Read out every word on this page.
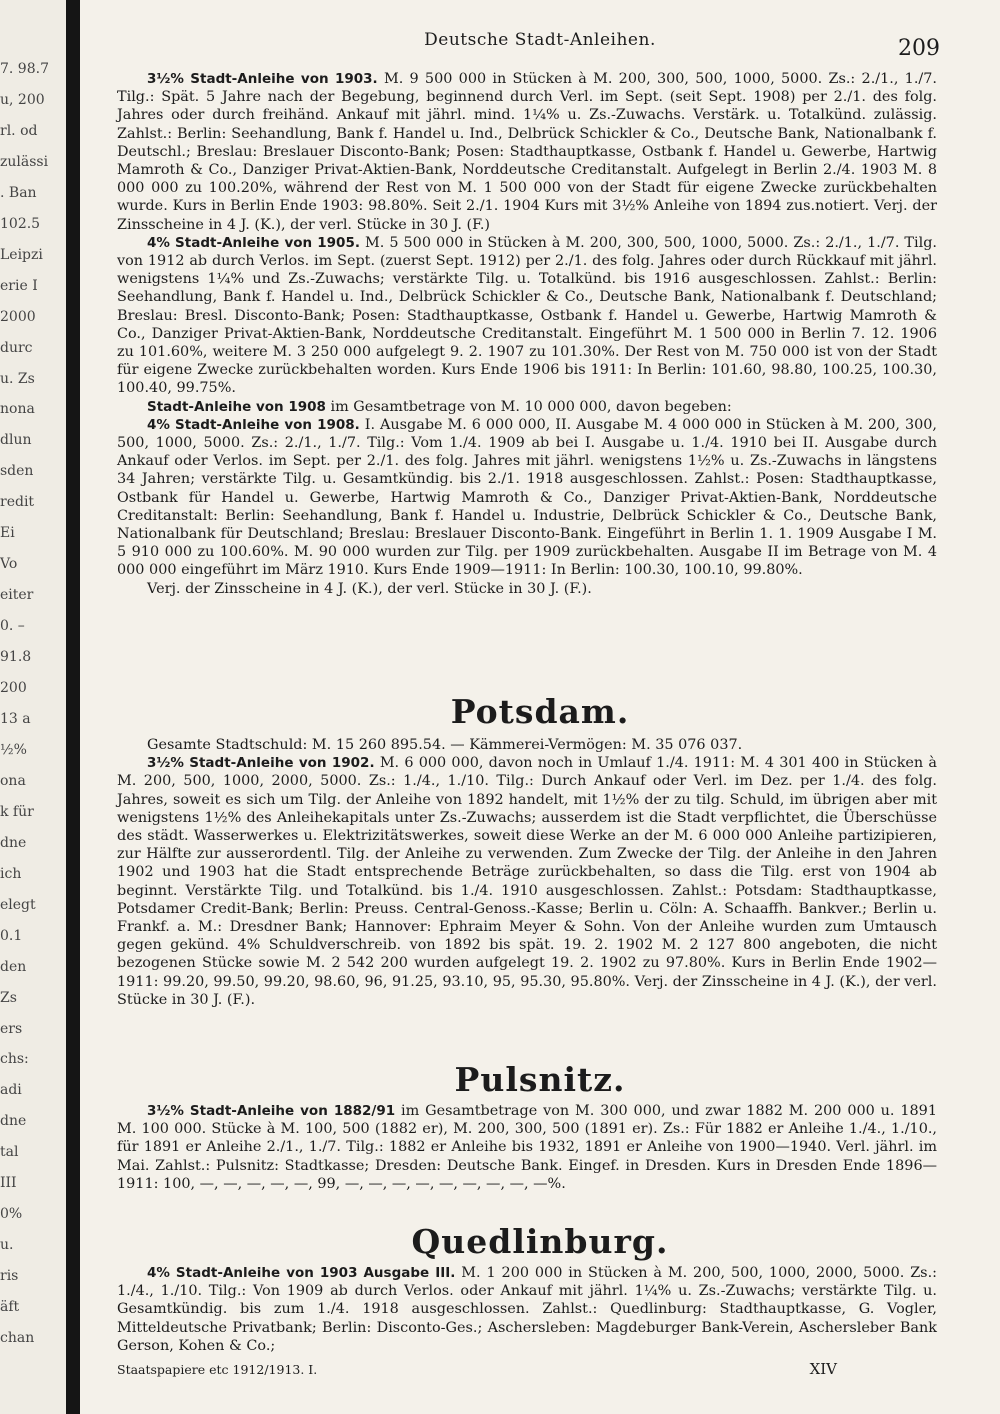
7. 98.7
u, 200
rl. od
zulässi
. Ban
102.5
Leipzi
erie I
2000
durc
u. Zs
nona
dlun
sden
redit
Ei
Vo
eiter
0. –
91.8
200
13 a
½%
ona
k für
dne
ich
elegt
0.1
den
Zs
ers
chs:
adi
dne
tal
III
0%
u.
ris
äft
chan
Deutsche Stadt-Anleihen.	209

3½% Stadt-Anleihe von 1903. M. 9 500 000 in Stücken à M. 200, 300, 500, 1000, 5000. Zs.: 2./1., 1./7. Tilg.: Spät. 5 Jahre nach der Begebung, beginnend durch Verl. im Sept. (seit Sept. 1908) per 2./1. des folg. Jahres oder durch freihänd. Ankauf mit jährl. mind. 1¼% u. Zs.-Zuwachs. Verstärk. u. Totalkünd. zulässig. Zahlst.: Berlin: Seehandlung, Bank f. Handel u. Ind., Delbrück Schickler & Co., Deutsche Bank, Nationalbank f. Deutschl.; Breslau: Breslauer Disconto-Bank; Posen: Stadthauptkasse, Ostbank f. Handel u. Gewerbe, Hartwig Mamroth & Co., Danziger Privat-Aktien-Bank, Norddeutsche Creditanstalt. Aufgelegt in Berlin 2./4. 1903 M. 8 000 000 zu 100.20%, während der Rest von M. 1 500 000 von der Stadt für eigene Zwecke zurückbehalten wurde. Kurs in Berlin Ende 1903: 98.80%. Seit 2./1. 1904 Kurs mit 3½% Anleihe von 1894 zus.notiert. Verj. der Zinsscheine in 4 J. (K.), der verl. Stücke in 30 J. (F.)

4% Stadt-Anleihe von 1905. M. 5 500 000 in Stücken à M. 200, 300, 500, 1000, 5000. Zs.: 2./1., 1./7. Tilg. von 1912 ab durch Verlos. im Sept. (zuerst Sept. 1912) per 2./1. des folg. Jahres oder durch Rückkauf mit jährl. wenigstens 1¼% und Zs.-Zuwachs; verstärkte Tilg. u. Totalkünd. bis 1916 ausgeschlossen. Zahlst.: Berlin: Seehandlung, Bank f. Handel u. Ind., Delbrück Schickler & Co., Deutsche Bank, Nationalbank f. Deutschland; Breslau: Bresl. Disconto-Bank; Posen: Stadthauptkasse, Ostbank f. Handel u. Gewerbe, Hartwig Mamroth & Co., Danziger Privat-Aktien-Bank, Norddeutsche Creditanstalt. Eingeführt M. 1 500 000 in Berlin 7. 12. 1906 zu 101.60%, weitere M. 3 250 000 aufgelegt 9. 2. 1907 zu 101.30%. Der Rest von M. 750 000 ist von der Stadt für eigene Zwecke zurückbehalten worden. Kurs Ende 1906 bis 1911: In Berlin: 101.60, 98.80, 100.25, 100.30, 100.40, 99.75%.

Stadt-Anleihe von 1908 im Gesamtbetrage von M. 10 000 000, davon begeben:

4% Stadt-Anleihe von 1908. I. Ausgabe M. 6 000 000, II. Ausgabe M. 4 000 000 in Stücken à M. 200, 300, 500, 1000, 5000. Zs.: 2./1., 1./7. Tilg.: Vom 1./4. 1909 ab bei I. Ausgabe u. 1./4. 1910 bei II. Ausgabe durch Ankauf oder Verlos. im Sept. per 2./1. des folg. Jahres mit jährl. wenigstens 1½% u. Zs.-Zuwachs in längstens 34 Jahren; verstärkte Tilg. u. Gesamtkündig. bis 2./1. 1918 ausgeschlossen. Zahlst.: Posen: Stadthauptkasse, Ostbank für Handel u. Gewerbe, Hartwig Mamroth & Co., Danziger Privat-Aktien-Bank, Norddeutsche Creditanstalt: Berlin: Seehandlung, Bank f. Handel u. Industrie, Delbrück Schickler & Co., Deutsche Bank, Nationalbank für Deutschland; Breslau: Breslauer Disconto-Bank. Eingeführt in Berlin 1. 1. 1909 Ausgabe I M. 5 910 000 zu 100.60%. M. 90 000 wurden zur Tilg. per 1909 zurückbehalten. Ausgabe II im Betrage von M. 4 000 000 eingeführt im März 1910. Kurs Ende 1909—1911: In Berlin: 100.30, 100.10, 99.80%.

Verj. der Zinsscheine in 4 J. (K.), der verl. Stücke in 30 J. (F.).

Potsdam.

Gesamte Stadtschuld: M. 15 260 895.54. — Kämmerei-Vermögen: M. 35 076 037.

3½% Stadt-Anleihe von 1902. M. 6 000 000, davon noch in Umlauf 1./4. 1911: M. 4 301 400 in Stücken à M. 200, 500, 1000, 2000, 5000. Zs.: 1./4., 1./10. Tilg.: Durch Ankauf oder Verl. im Dez. per 1./4. des folg. Jahres, soweit es sich um Tilg. der Anleihe von 1892 handelt, mit 1½% der zu tilg. Schuld, im übrigen aber mit wenigstens 1½% des Anleihekapitals unter Zs.-Zuwachs; ausserdem ist die Stadt verpflichtet, die Überschüsse des städt. Wasserwerkes u. Elektrizitätswerkes, soweit diese Werke an der M. 6 000 000 Anleihe partizipieren, zur Hälfte zur ausserordentl. Tilg. der Anleihe zu verwenden. Zum Zwecke der Tilg. der Anleihe in den Jahren 1902 und 1903 hat die Stadt entsprechende Beträge zurückbehalten, so dass die Tilg. erst von 1904 ab beginnt. Verstärkte Tilg. und Totalkünd. bis 1./4. 1910 ausgeschlossen. Zahlst.: Potsdam: Stadthauptkasse, Potsdamer Credit-Bank; Berlin: Preuss. Central-Genoss.-Kasse; Berlin u. Cöln: A. Schaaffh. Bankver.; Berlin u. Frankf. a. M.: Dresdner Bank; Hannover: Ephraim Meyer & Sohn. Von der Anleihe wurden zum Umtausch gegen gekünd. 4% Schuldverschreib. von 1892 bis spät. 19. 2. 1902 M. 2 127 800 angeboten, die nicht bezogenen Stücke sowie M. 2 542 200 wurden aufgelegt 19. 2. 1902 zu 97.80%. Kurs in Berlin Ende 1902—1911: 99.20, 99.50, 99.20, 98.60, 96, 91.25, 93.10, 95, 95.30, 95.80%. Verj. der Zinsscheine in 4 J. (K.), der verl. Stücke in 30 J. (F.).

Pulsnitz.

3½% Stadt-Anleihe von 1882/91 im Gesamtbetrage von M. 300 000, und zwar 1882 M. 200 000 u. 1891 M. 100 000. Stücke à M. 100, 500 (1882 er), M. 200, 300, 500 (1891 er). Zs.: Für 1882 er Anleihe 1./4., 1./10., für 1891 er Anleihe 2./1., 1./7. Tilg.: 1882 er Anleihe bis 1932, 1891 er Anleihe von 1900—1940. Verl. jährl. im Mai. Zahlst.: Pulsnitz: Stadtkasse; Dresden: Deutsche Bank. Eingef. in Dresden. Kurs in Dresden Ende 1896—1911: 100, —, —, —, —, —, 99, —, —, —, —, —, —, —, —, —%.

Quedlinburg.

4% Stadt-Anleihe von 1903 Ausgabe III. M. 1 200 000 in Stücken à M. 200, 500, 1000, 2000, 5000. Zs.: 1./4., 1./10. Tilg.: Von 1909 ab durch Verlos. oder Ankauf mit jährl. 1¼% u. Zs.-Zuwachs; verstärkte Tilg. u. Gesamtkündig. bis zum 1./4. 1918 ausgeschlossen. Zahlst.: Quedlinburg: Stadthauptkasse, G. Vogler, Mitteldeutsche Privatbank; Berlin: Disconto-Ges.; Aschersleben: Magdeburger Bank-Verein, Aschersleber Bank Gerson, Kohen & Co.;

Staatspapiere etc 1912/1913. I.	XIV
